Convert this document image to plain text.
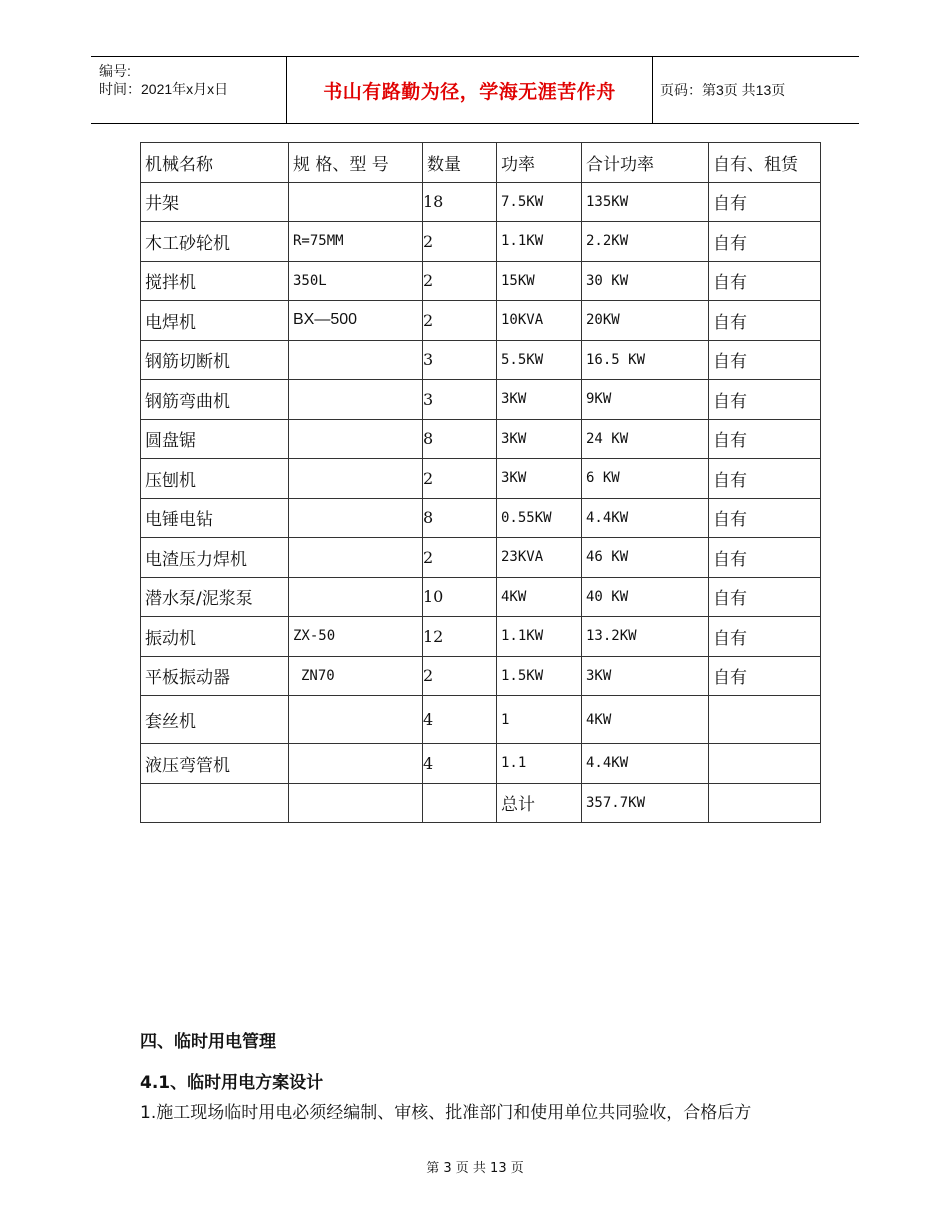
编号:
时间：2021年x月x日	书山有路勤为径，学海无涯苦作舟	页码：第3页 共13页
机械名称	规 格、型 号	数量	功率	合计功率	自有、租赁
井架		18	7.5KW	135KW	自有
木工砂轮机	R=75MM	2	1.1KW	2.2KW	自有
搅拌机	350L	2	15KW	30 KW	自有
电焊机	BX—500	2	10KVA	20KW	自有
钢筋切断机		3	5.5KW	16.5 KW	自有
钢筋弯曲机		3	3KW	9KW	自有
圆盘锯		8	3KW	24 KW	自有
压刨机		2	3KW	6 KW	自有
电锤电钻		8	0.55KW	4.4KW	自有
电渣压力焊机		2	23KVA	46 KW	自有
潜水泵/泥浆泵		10	4KW	40 KW	自有
振动机	ZX-50	12	1.1KW	13.2KW	自有
平板振动器	ZN70	2	1.5KW	3KW	自有
套丝机		4	1	4KW	
液压弯管机		4	1.1	4.4KW	
			总计	357.7KW	
四、临时用电管理
4.1、临时用电方案设计
1.施工现场临时用电必须经编制、审核、批准部门和使用单位共同验收，合格后方
第 3 页 共 13 页
